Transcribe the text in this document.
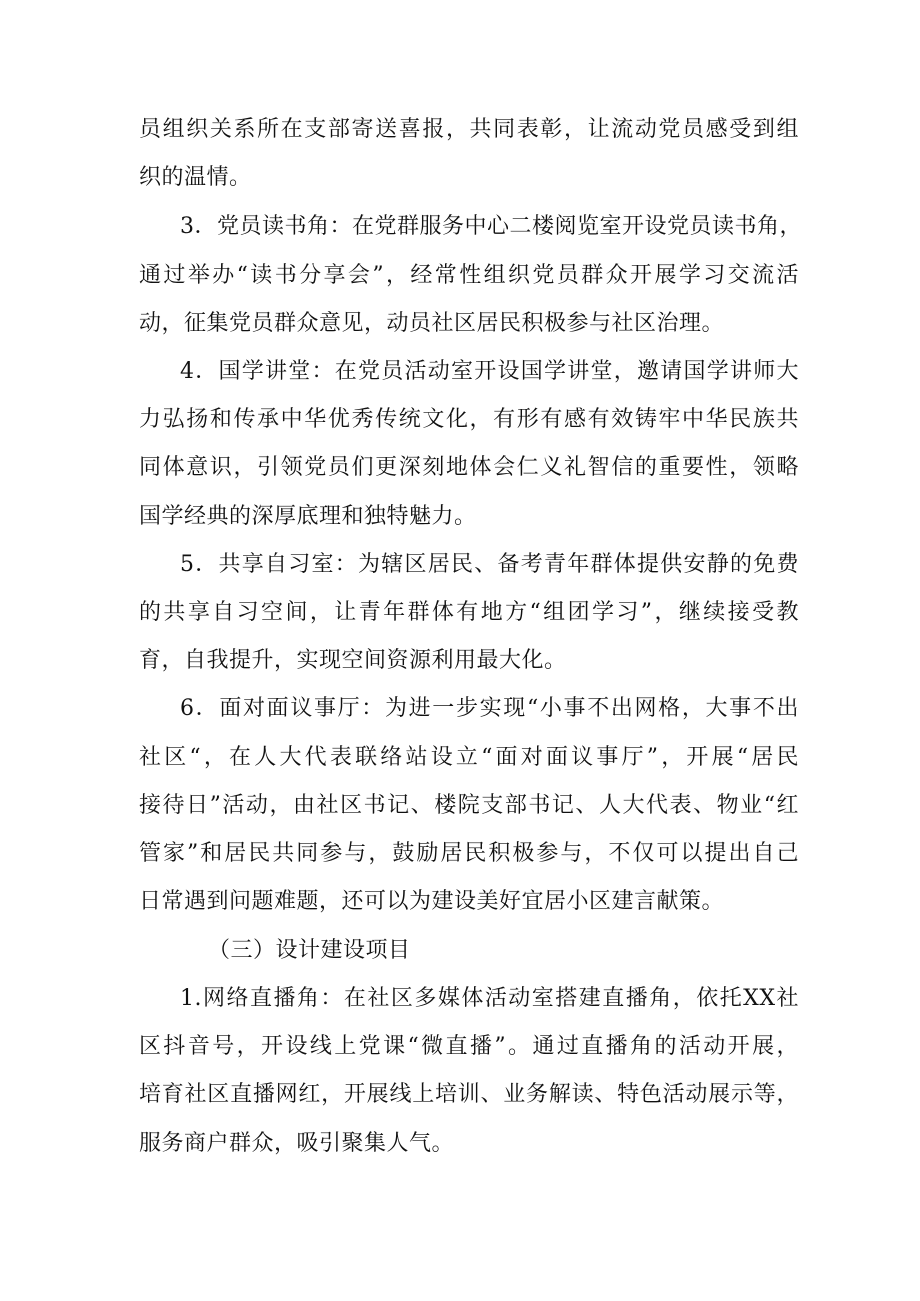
员组织关系所在支部寄送喜报，共同表彰，让流动党员感受到组
织的温情。
3．党员读书角：在党群服务中心二楼阅览室开设党员读书角，
通过举办“读书分享会”，经常性组织党员群众开展学习交流活
动，征集党员群众意见，动员社区居民积极参与社区治理。
4．国学讲堂：在党员活动室开设国学讲堂，邀请国学讲师大
力弘扬和传承中华优秀传统文化，有形有感有效铸牢中华民族共
同体意识，引领党员们更深刻地体会仁义礼智信的重要性，领略
国学经典的深厚底理和独特魅力。
5．共享自习室：为辖区居民、备考青年群体提供安静的免费
的共享自习空间，让青年群体有地方“组团学习”，继续接受教
育，自我提升，实现空间资源利用最大化。
6．面对面议事厅：为进一步实现“小事不出网格，大事不出
社区“，在人大代表联络站设立“面对面议事厅”，开展“居民
接待日”活动，由社区书记、楼院支部书记、人大代表、物业“红
管家”和居民共同参与，鼓励居民积极参与，不仅可以提出自己
日常遇到问题难题，还可以为建设美好宜居小区建言献策。
（三）设计建设项目
1.网络直播角：在社区多媒体活动室搭建直播角，依托XX社
区抖音号，开设线上党课“微直播”。通过直播角的活动开展，
培育社区直播网红，开展线上培训、业务解读、特色活动展示等，
服务商户群众，吸引聚集人气。
